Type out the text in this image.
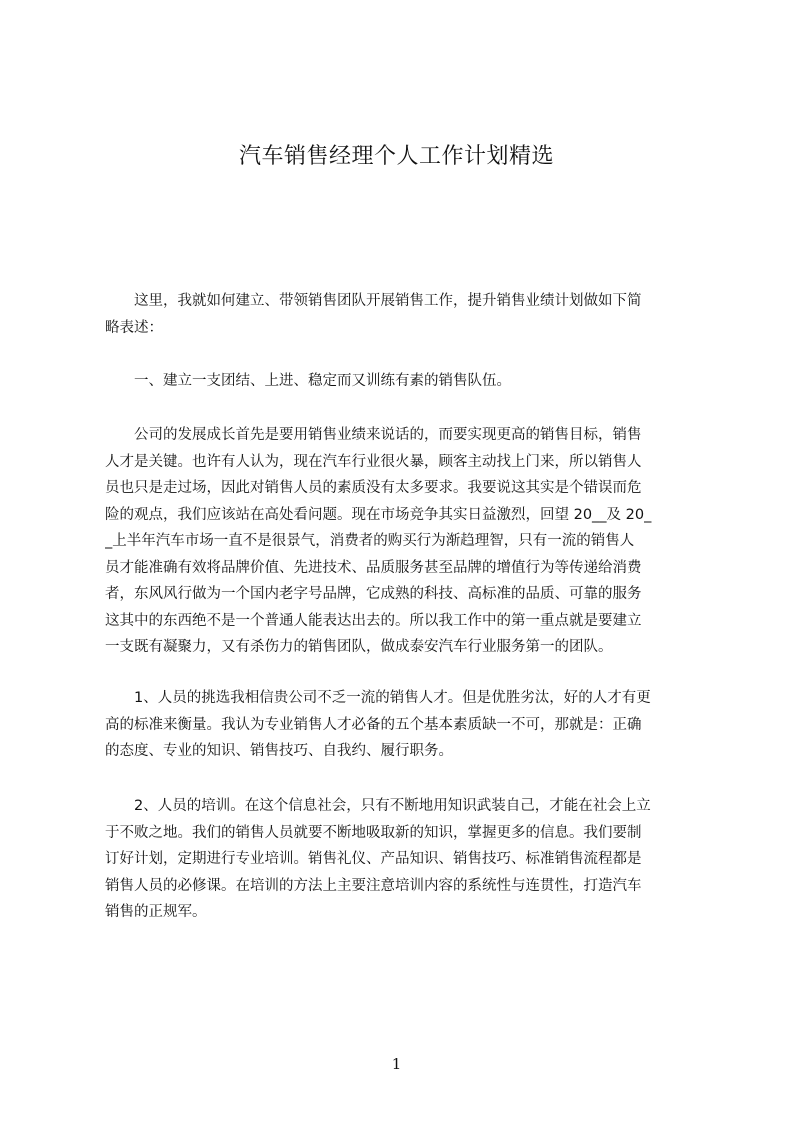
汽车销售经理个人工作计划精选
　　这里，我就如何建立、带领销售团队开展销售工作，提升销售业绩计划做如下简
略表述：
　　一、建立一支团结、上进、稳定而又训练有素的销售队伍。
　　公司的发展成长首先是要用销售业绩来说话的，而要实现更高的销售目标，销售
人才是关键。也许有人认为，现在汽车行业很火暴，顾客主动找上门来，所以销售人
员也只是走过场，因此对销售人员的素质没有太多要求。我要说这其实是个错误而危
险的观点，我们应该站在高处看问题。现在市场竞争其实日益激烈，回望 20__及 20_
_上半年汽车市场一直不是很景气，消费者的购买行为渐趋理智，只有一流的销售人
员才能准确有效将品牌价值、先进技术、品质服务甚至品牌的增值行为等传递给消费
者，东风风行做为一个国内老字号品牌，它成熟的科技、高标准的品质、可靠的服务
这其中的东西绝不是一个普通人能表达出去的。所以我工作中的第一重点就是要建立
一支既有凝聚力，又有杀伤力的销售团队，做成泰安汽车行业服务第一的团队。
　　1、人员的挑选我相信贵公司不乏一流的销售人才。但是优胜劣汰，好的人才有更
高的标准来衡量。我认为专业销售人才必备的五个基本素质缺一不可，那就是：正确
的态度、专业的知识、销售技巧、自我约、履行职务。
　　2、人员的培训。在这个信息社会，只有不断地用知识武装自己，才能在社会上立
于不败之地。我们的销售人员就要不断地吸取新的知识，掌握更多的信息。我们要制
订好计划，定期进行专业培训。销售礼仪、产品知识、销售技巧、标准销售流程都是
销售人员的必修课。在培训的方法上主要注意培训内容的系统性与连贯性，打造汽车
销售的正规军。
1
